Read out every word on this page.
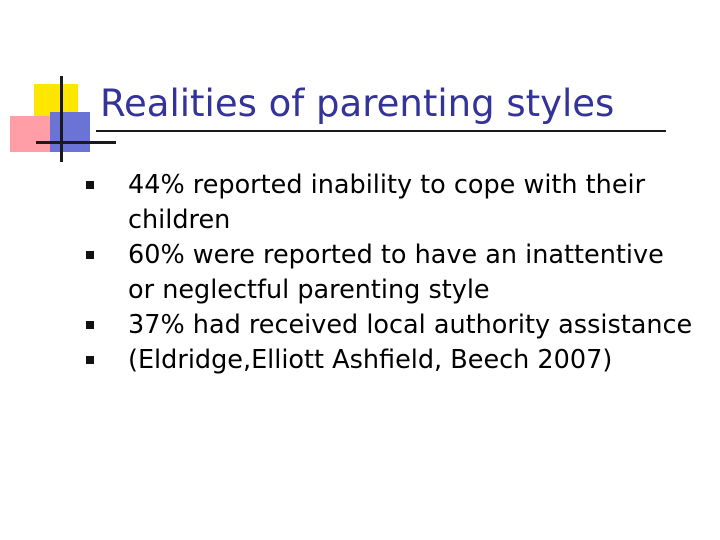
Realities of parenting styles
44% reported inability to cope with their children
60% were reported to have an inattentive or neglectful parenting style
37% had received local authority assistance
(Eldridge,Elliott Ashfield, Beech 2007)
